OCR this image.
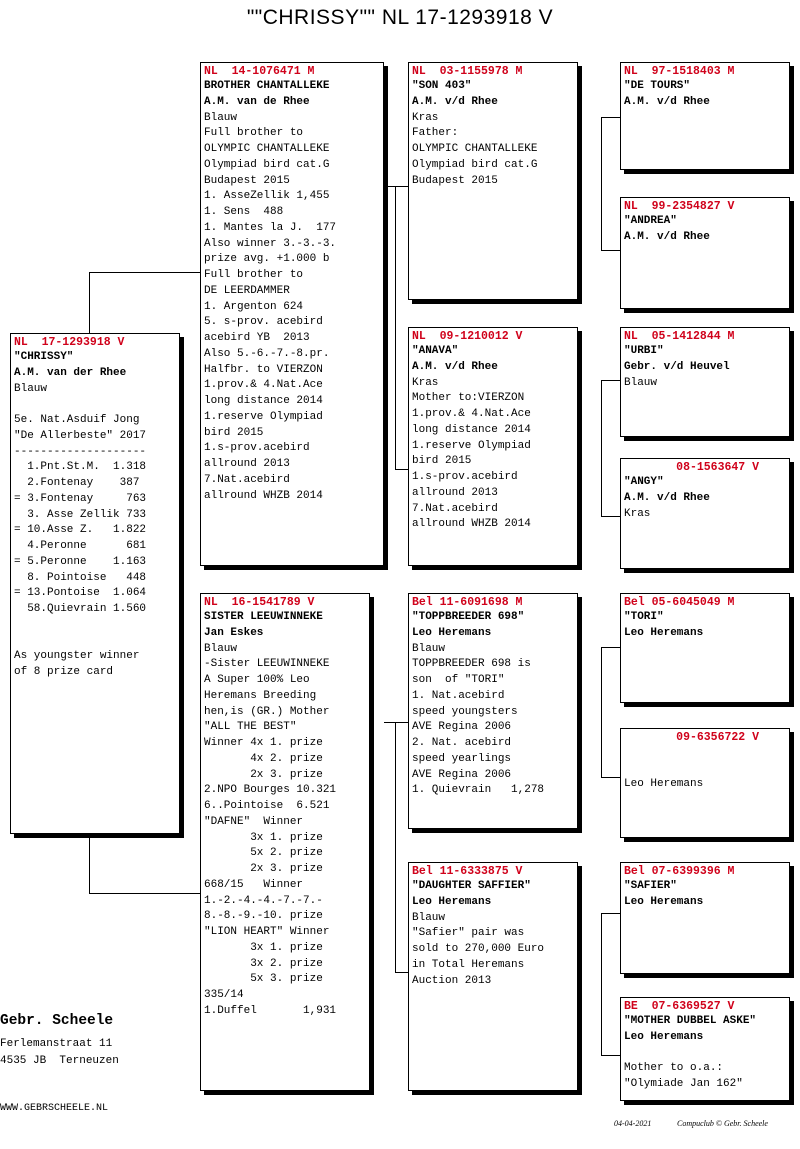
""CHRISSY"" NL 17-1293918 V
NL  17-1293918 V
"CHRISSY"
A.M. van der Rhee
Blauw

5e. Nat.Asduif Jong
"De Allerbeste" 2017
--------------------
1.Pnt.St.M.  1.318
2.Fontenay    387
= 3.Fontenay     763
3. Asse Zellik 733
= 10.Asse Z.   1.822
4.Peronne      681
= 5.Peronne    1.163
8. Pointoise   448
= 13.Pontoise  1.064
58.Quievrain 1.560

As youngster winner
of 8 prize card
NL  14-1076471 M
BROTHER CHANTALLEKE
A.M. van de Rhee
Blauw
Full brother to
OLYMPIC CHANTALLEKE
Olympiad bird cat.G
Budapest 2015
1. AsseZellik 1,455
1. Sens  488
1. Mantes la J.  177
Also winner 3.-3.-3.
prize avg. +1.000 b
Full brother to
DE LEERDAMMER
1. Argenton 624
5. s-prov. acebird
acebird YB  2013
Also 5.-6.-7.-8.pr.
Halfbr. to VIERZON
1.prov.& 4.Nat.Ace
long distance 2014
1.reserve Olympiad
bird 2015
1.s-prov.acebird
allround 2013
7.Nat.acebird
allround WHZB 2014
NL  16-1541789 V
SISTER LEEUWINNEKE
Jan Eskes
Blauw
-Sister LEEUWINNEKE
A Super 100% Leo
Heremans Breeding
hen,is (GR.) Mother
"ALL THE BEST"
Winner 4x 1. prize
4x 2. prize
2x 3. prize
2.NPO Bourges 10.321
6..Pointoise  6.521
"DAFNE"  Winner
3x 1. prize
5x 2. prize
2x 3. prize
668/15   Winner
1.-2.-4.-4.-7.-7.-
8.-8.-9.-10. prize
"LION HEART" Winner
3x 1. prize
3x 2. prize
5x 3. prize
335/14
1.Duffel       1,931
NL  03-1155978 M
"SON 403"
A.M. v/d Rhee
Kras
Father:
OLYMPIC CHANTALLEKE
Olympiad bird cat.G
Budapest 2015
NL  09-1210012 V
"ANAVA"
A.M. v/d Rhee
Kras
Mother to:VIERZON
1.prov.& 4.Nat.Ace
long distance 2014
1.reserve Olympiad
bird 2015
1.s-prov.acebird
allround 2013
7.Nat.acebird
allround WHZB 2014
Bel 11-6091698 M
"TOPPBREEDER 698"
Leo Heremans
Blauw
TOPPBREEDER 698 is
son  of "TORI"
1. Nat.acebird
speed youngsters
AVE Regina 2006
2. Nat. acebird
speed yearlings
AVE Regina 2006
1. Quievrain   1,278
Bel 11-6333875 V
"DAUGHTER SAFFIER"
Leo Heremans
Blauw
"Safier" pair was
sold to 270,000 Euro
in Total Heremans
Auction 2013
NL  97-1518403 M
"DE TOURS"
A.M. v/d Rhee
NL  99-2354827 V
"ANDREA"
A.M. v/d Rhee
NL  05-1412844 M
"URBI"
Gebr. v/d Heuvel
Blauw
08-1563647 V
"ANGY"
A.M. v/d Rhee
Kras
Bel 05-6045049 M
"TORI"
Leo Heremans
09-6356722 V

Leo Heremans
Bel 07-6399396 M
"SAFIER"
Leo Heremans
BE  07-6369527 V
"MOTHER DUBBEL ASKE"
Leo Heremans

Mother to o.a.:
"Olymiade Jan 162"
Gebr. Scheele
Ferlemanstraat 11
4535 JB  Terneuzen
WWW.GEBRSCHEELE.NL
04-04-2021	Compuclub © Gebr. Scheele
